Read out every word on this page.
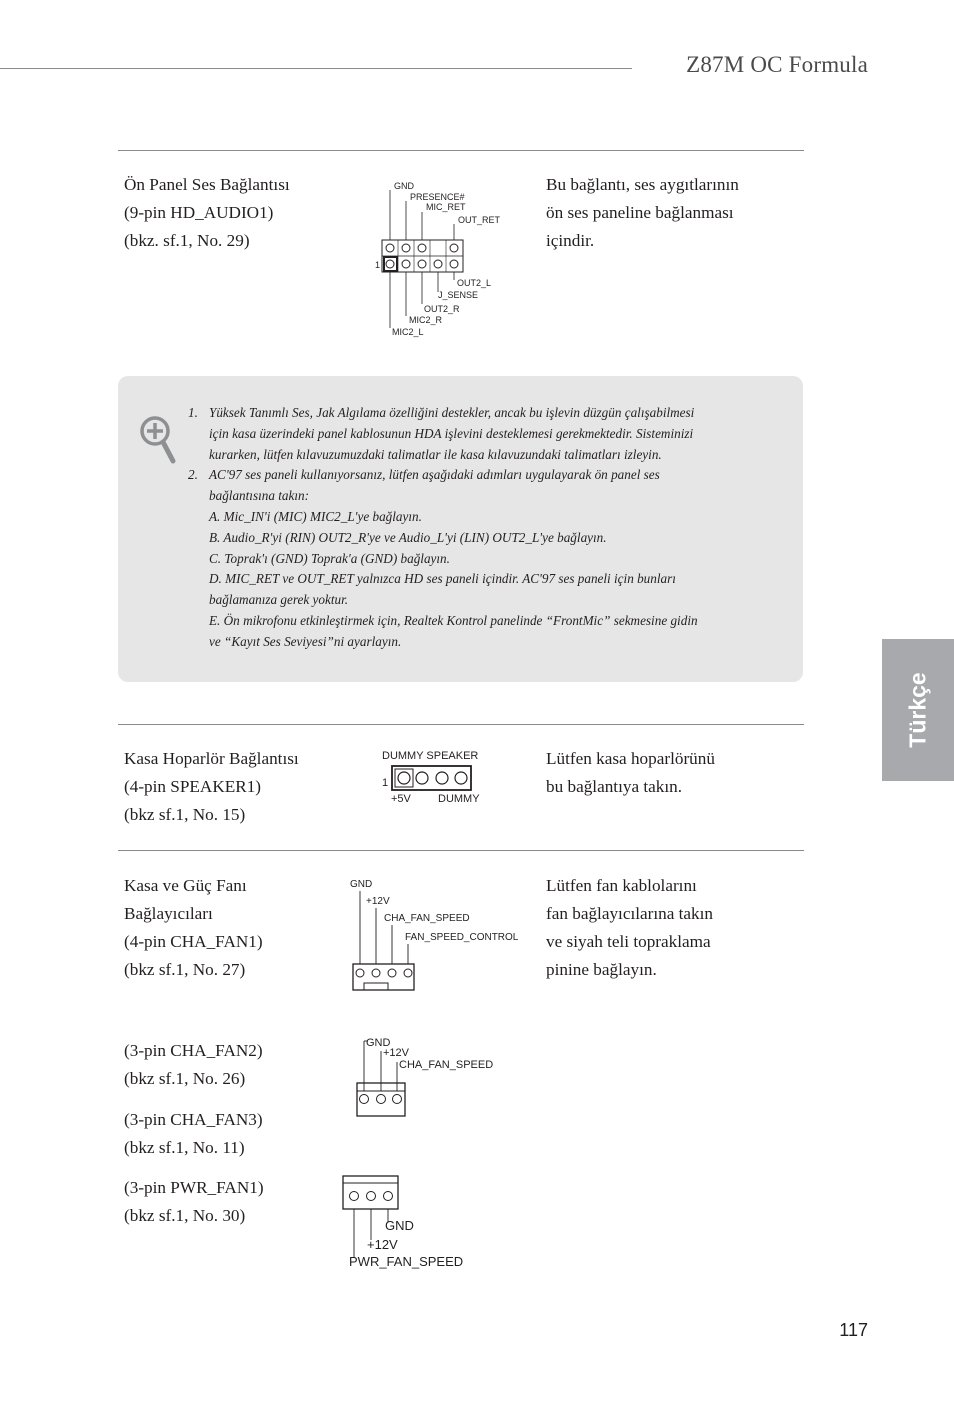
Z87M OC Formula
Türkçe
Ön Panel Ses Bağlantısı
(9-pin HD_AUDIO1)
(bkz. sf.1, No. 29)
Bu bağlantı, ses aygıtlarının
ön ses paneline bağlanması
içindir.
1
GND
PRESENCE#
MIC_RET
OUT_RET
OUT2_L
J_SENSE
OUT2_R
MIC2_R
MIC2_L
1. Yüksek Tanımlı Ses, Jak Algılama özelliğini destekler, ancak bu işlevin düzgün çalışabilmesi
için kasa üzerindeki panel kablosunun HDA işlevini desteklemesi gerekmektedir. Sisteminizi
kurarken, lütfen kılavuzumuzdaki talimatlar ile kasa kılavuzundaki talimatları izleyin.
2. AC'97 ses paneli kullanıyorsanız, lütfen aşağıdaki adımları uygulayarak ön panel ses
bağlantısına takın:
A. Mic_IN'i (MIC) MIC2_L'ye bağlayın.
B. Audio_R'yi (RIN) OUT2_R'ye ve Audio_L'yi (LIN) OUT2_L'ye bağlayın.
C. Toprak'ı (GND) Toprak'a (GND) bağlayın.
D. MIC_RET ve OUT_RET yalnızca HD ses paneli içindir. AC'97 ses paneli için bunları
bağlamanıza gerek yoktur.
E. Ön mikrofonu etkinleştirmek için, Realtek Kontrol panelinde “FrontMic” sekmesine gidin
ve “Kayıt Ses Seviyesi”ni ayarlayın.
Kasa Hoparlör Bağlantısı
(4-pin SPEAKER1)
(bkz sf.1, No. 15)
Lütfen kasa hoparlörünü
bu bağlantıya takın.
DUMMY SPEAKER
1
+5V DUMMY
Kasa ve Güç Fanı
Bağlayıcıları
(4-pin CHA_FAN1)
(bkz sf.1, No. 27)
Lütfen fan kablolarını
fan bağlayıcılarına takın
ve siyah teli topraklama
pinine bağlayın.
GND
+12V
CHA_FAN_SPEED
FAN_SPEED_CONTROL
(3-pin CHA_FAN2)
(bkz sf.1, No. 26)
GND
+12V
CHA_FAN_SPEED
(3-pin CHA_FAN3)
(bkz sf.1, No. 11)
(3-pin PWR_FAN1)
(bkz sf.1, No. 30)
GND
+12V
PWR_FAN_SPEED
117
